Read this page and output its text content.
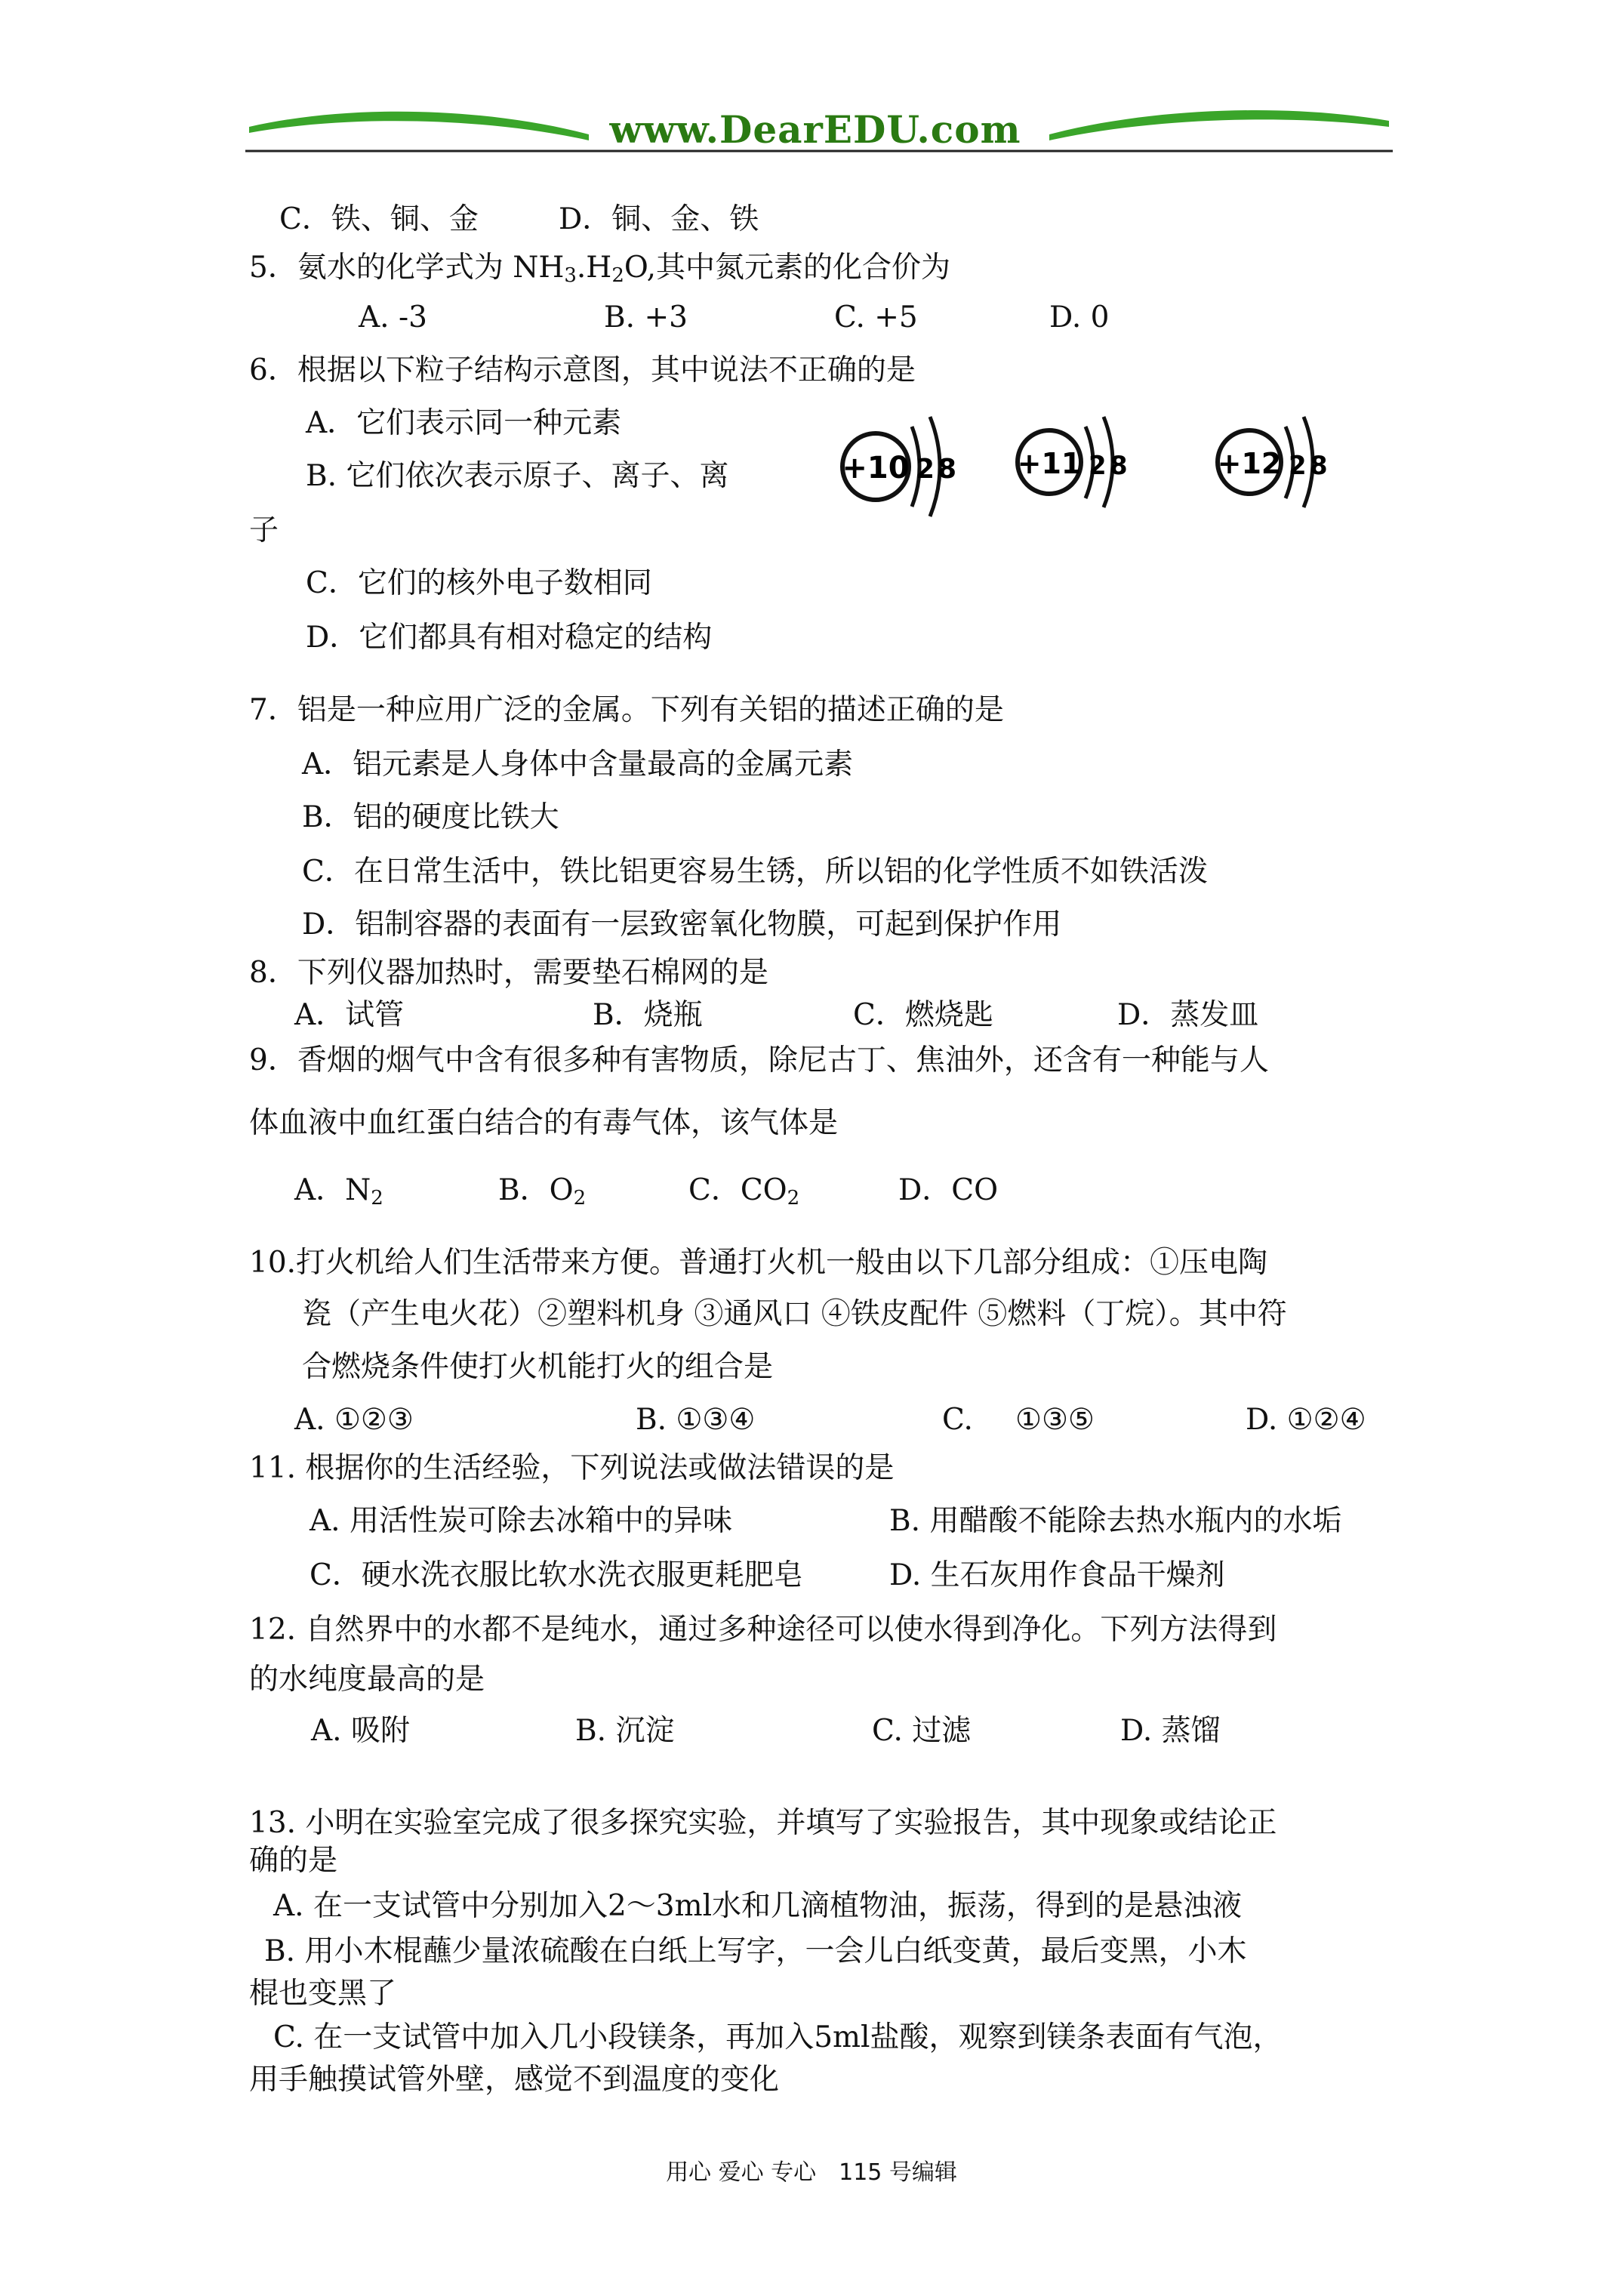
www.DearEDU.com
C．铁、铜、金	D．铜、金、铁
5．氨水的化学式为 $NH_3.H_2O$,其中氮元素的化合价为
A. -3	B. +3	C. +5	D. 0
6．根据以下粒子结构示意图，其中说法不正确的是
A．它们表示同一种元素
B. 它们依次表示原子、离子、离
子
C．它们的核外电子数相同
D．它们都具有相对稳定的结构
+10 2 8 +11 2 8	+12 2 8
7．铝是一种应用广泛的金属。下列有关铝的描述正确的是
A．铝元素是人身体中含量最高的金属元素
B．铝的硬度比铁大
C．在日常生活中，铁比铝更容易生锈，所以铝的化学性质不如铁活泼
D．铝制容器的表面有一层致密氧化物膜，可起到保护作用
8．下列仪器加热时，需要垫石棉网的是
A．试管	B．烧瓶	C．燃烧匙	D．蒸发皿
9．香烟的烟气中含有很多种有害物质，除尼古丁、焦油外，还含有一种能与人
体血液中血红蛋白结合的有毒气体，该气体是
A．$N_2$	B．$O_2$	C．$CO_2$	D．CO
10.打火机给人们生活带来方便。普通打火机一般由以下几部分组成：①压电陶
瓷（产生电火花）②塑料机身 ③通风口 ④铁皮配件 ⑤燃料（丁烷）。其中符
合燃烧条件使打火机能打火的组合是
A. ①②③	B. ①③④	C. ①③⑤	D. ①②④
11. 根据你的生活经验，下列说法或做法错误的是
A. 用活性炭可除去冰箱中的异味	B. 用醋酸不能除去热水瓶内的水垢
C．硬水洗衣服比软水洗衣服更耗肥皂	D. 生石灰用作食品干燥剂
12. 自然界中的水都不是纯水，通过多种途径可以使水得到净化。下列方法得到
的水纯度最高的是
A. 吸附	B. 沉淀	C. 过滤	D. 蒸馏
13. 小明在实验室完成了很多探究实验，并填写了实验报告，其中现象或结论正
确的是
A. 在一支试管中分别加入2～3ml水和几滴植物油，振荡，得到的是悬浊液
B. 用小木棍蘸少量浓硫酸在白纸上写字，一会儿白纸变黄，最后变黑，小木
棍也变黑了
C. 在一支试管中加入几小段镁条，再加入5ml盐酸，观察到镁条表面有气泡，
用手触摸试管外壁，感觉不到温度的变化
用心 爱心 专心　115 号编辑
